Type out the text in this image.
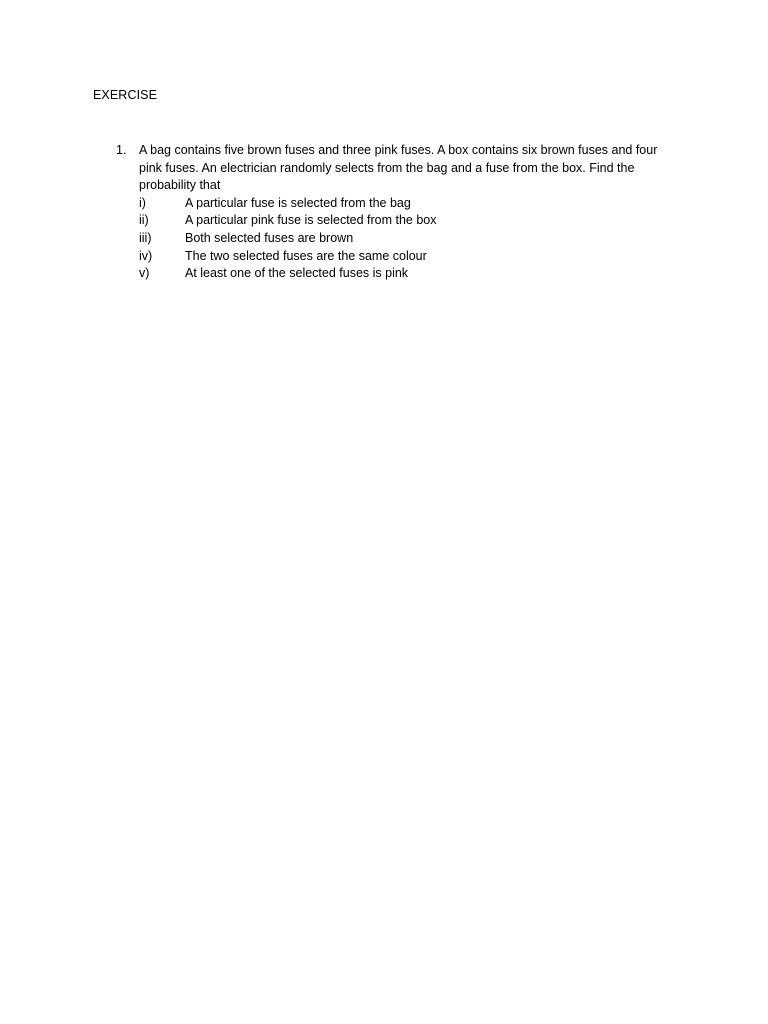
EXERCISE
1. A bag contains five brown fuses and three pink fuses. A box contains six brown fuses and four pink fuses. An electrician randomly selects from the bag and a fuse from the box. Find the probability that
i)	A particular fuse is selected from the bag
ii)	A particular pink fuse is selected from the box
iii)	Both selected fuses are brown
iv)	The two selected fuses are the same colour
v)	At least one of the selected fuses is pink
